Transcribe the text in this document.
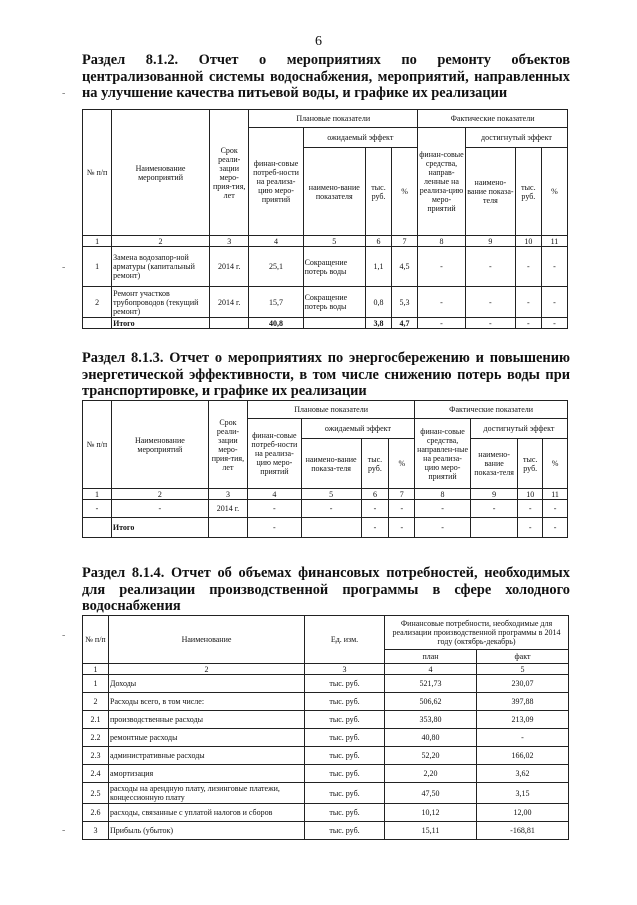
6
-
-
-
-
Раздел 8.1.2. Отчет о мероприятиях по ремонту объектов централизованной системы водоснабжения, мероприятий, направленных на улучшение качества питьевой воды, и графике их реализации
№ п/п	Наименование мероприятий	Срок реали-зации меро-прия-тия, лет	Плановые показатели				Фактические показатели			
			финан-совые потреб-ности на реализа-цию меро-приятий	ожидаемый эффект			финан-совые средства, направ-ленные на реализа-цию меро-приятий	достигнутый эффект		
				наимено-вание показателя	тыс. руб.	%		наимено-вание показа-теля	тыс. руб.	%
1	2	3	4	5	6	7	8	9	10	11
1	Замена водозапор-ной арматуры (капитальный ремонт)	2014 г.	25,1	Сокращение потерь воды	1,1	4,5	-	-	-	-
2	Ремонт участков трубопроводов (текущий ремонт)	2014 г.	15,7	Сокращение потерь воды	0,8	5,3	-	-	-	-
	Итого		40,8		3,8	4,7	-	-	-	-
Раздел 8.1.3. Отчет о мероприятиях по энергосбережению и повышению энергетической эффективности, в том числе снижению потерь воды при транспортировке, и графике их реализации
№ п/п	Наименование мероприятий	Срок реали-зации меро-прия-тия, лет	Плановые показатели				Фактические показатели			
			финан-совые потреб-ности на реализа-цию меро-приятий	ожидаемый эффект			финан-совые средства, направлен-ные на реализа-цию меро-приятий	достигнутый эффект		
				наимено-вание показа-теля	тыс. руб.	%		наимено-вание показа-теля	тыс. руб.	%
1	2	3	4	5	6	7	8	9	10	11
-	-	2014 г.	-	-	-	-	-	-	-	-
	Итого		-		-	-	-		-	-
Раздел 8.1.4. Отчет об объемах финансовых потребностей, необходимых для реализации производственной программы в сфере холодного водоснабжения
№ п/п	Наименование	Ед. изм.	Финансовые потребности, необходимые для реализации производственной программы в 2014 году (октябрь-декабрь)	
			план	факт
1	2	3	4	5
1	Доходы	тыс. руб.	521,73	230,07
2	Расходы всего, в том числе:	тыс. руб.	506,62	397,88
2.1	производственные расходы	тыс. руб.	353,80	213,09
2.2	ремонтные расходы	тыс. руб.	40,80	-
2.3	административные расходы	тыс. руб.	52,20	166,02
2.4	амортизация	тыс. руб.	2,20	3,62
2.5	расходы на арендную плату, лизинговые платежи, концессионную плату	тыс. руб.	47,50	3,15
2.6	расходы, связанные с уплатой налогов и сборов	тыс. руб.	10,12	12,00
3	Прибыль (убыток)	тыс. руб.	15,11	-168,81
